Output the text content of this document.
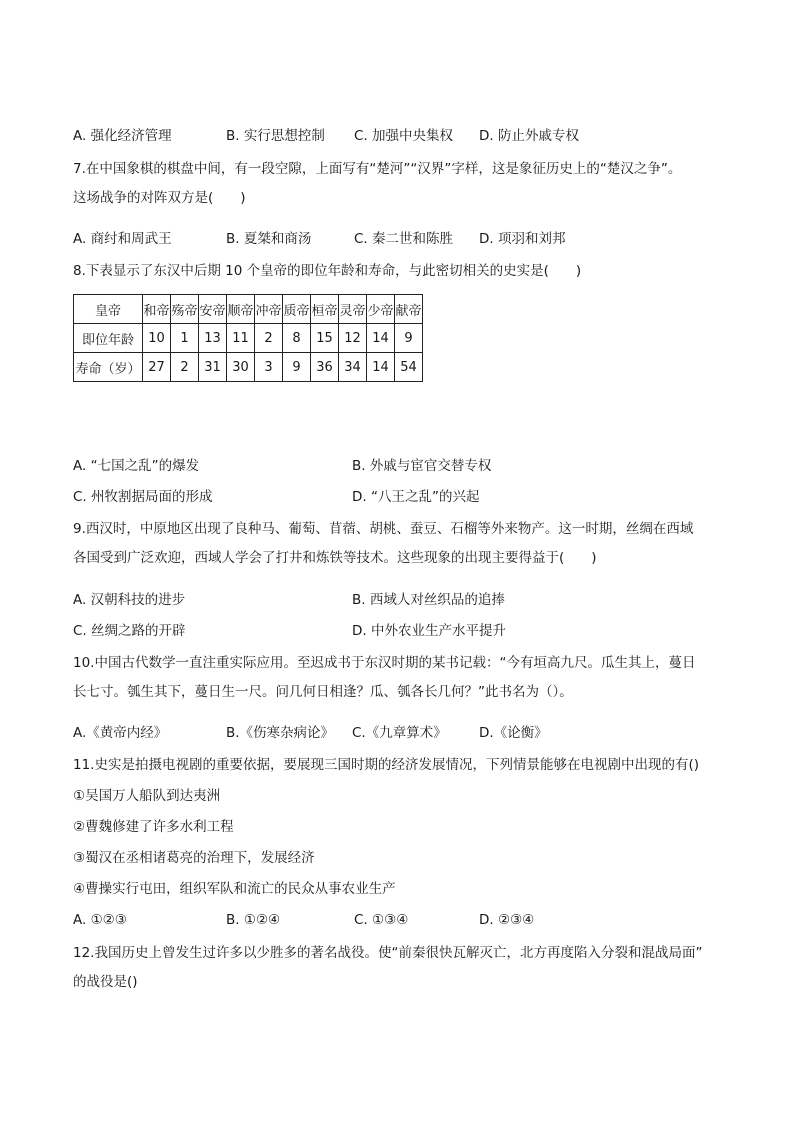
A. 强化经济管理	B. 实行思想控制 C. 加强中央集权 D. 防止外戚专权
7.在中国象棋的棋盘中间，有一段空隙，上面写有“楚河”“汉界”字样，这是象征历史上的“楚汉之争”。
这场战争的对阵双方是(　　)
A. 商纣和周武王	B. 夏桀和商汤	C. 秦二世和陈胜 D. 项羽和刘邦
8.下表显示了东汉中后期 10 个皇帝的即位年龄和寿命，与此密切相关的史实是(　　)
皇帝	和帝	殇帝	安帝	顺帝	冲帝	质帝	桓帝	灵帝	少帝	献帝
即位年龄	10	1	13	11	2	8	15	12	14	9
寿命（岁）	27	2	31	30	3	9	36	34	14	54
A. “七国之乱”的爆发	B. 外戚与宦官交替专权
C. 州牧割据局面的形成	D. “八王之乱”的兴起
9.西汉时，中原地区出现了良种马、葡萄、苜蓿、胡桃、蚕豆、石榴等外来物产。这一时期，丝绸在西域
各国受到广泛欢迎，西域人学会了打井和炼铁等技术。这些现象的出现主要得益于(　　)
A. 汉朝科技的进步	B. 西域人对丝织品的追捧
C. 丝绸之路的开辟	D. 中外农业生产水平提升
10.中国古代数学一直注重实际应用。至迟成书于东汉时期的某书记载：“今有垣高九尺。瓜生其上，蔓日
长七寸。瓠生其下，蔓日生一尺。问几何日相逢？瓜、瓠各长几何？”此书名为（）。
A.《黄帝内经》	B.《伤寒杂病论》 C.《九章算术》 D.《论衡》
11.史实是拍摄电视剧的重要依据，要展现三国时期的经济发展情况，下列情景能够在电视剧中出现的有()
①吴国万人船队到达夷洲
②曹魏修建了许多水利工程
③蜀汉在丞相诸葛亮的治理下，发展经济
④曹操实行屯田，组织军队和流亡的民众从事农业生产
A. ①②③	B. ①②④	C. ①③④	D. ②③④
12.我国历史上曾发生过许多以少胜多的著名战役。使“前秦很快瓦解灭亡，北方再度陷入分裂和混战局面”
的战役是()
